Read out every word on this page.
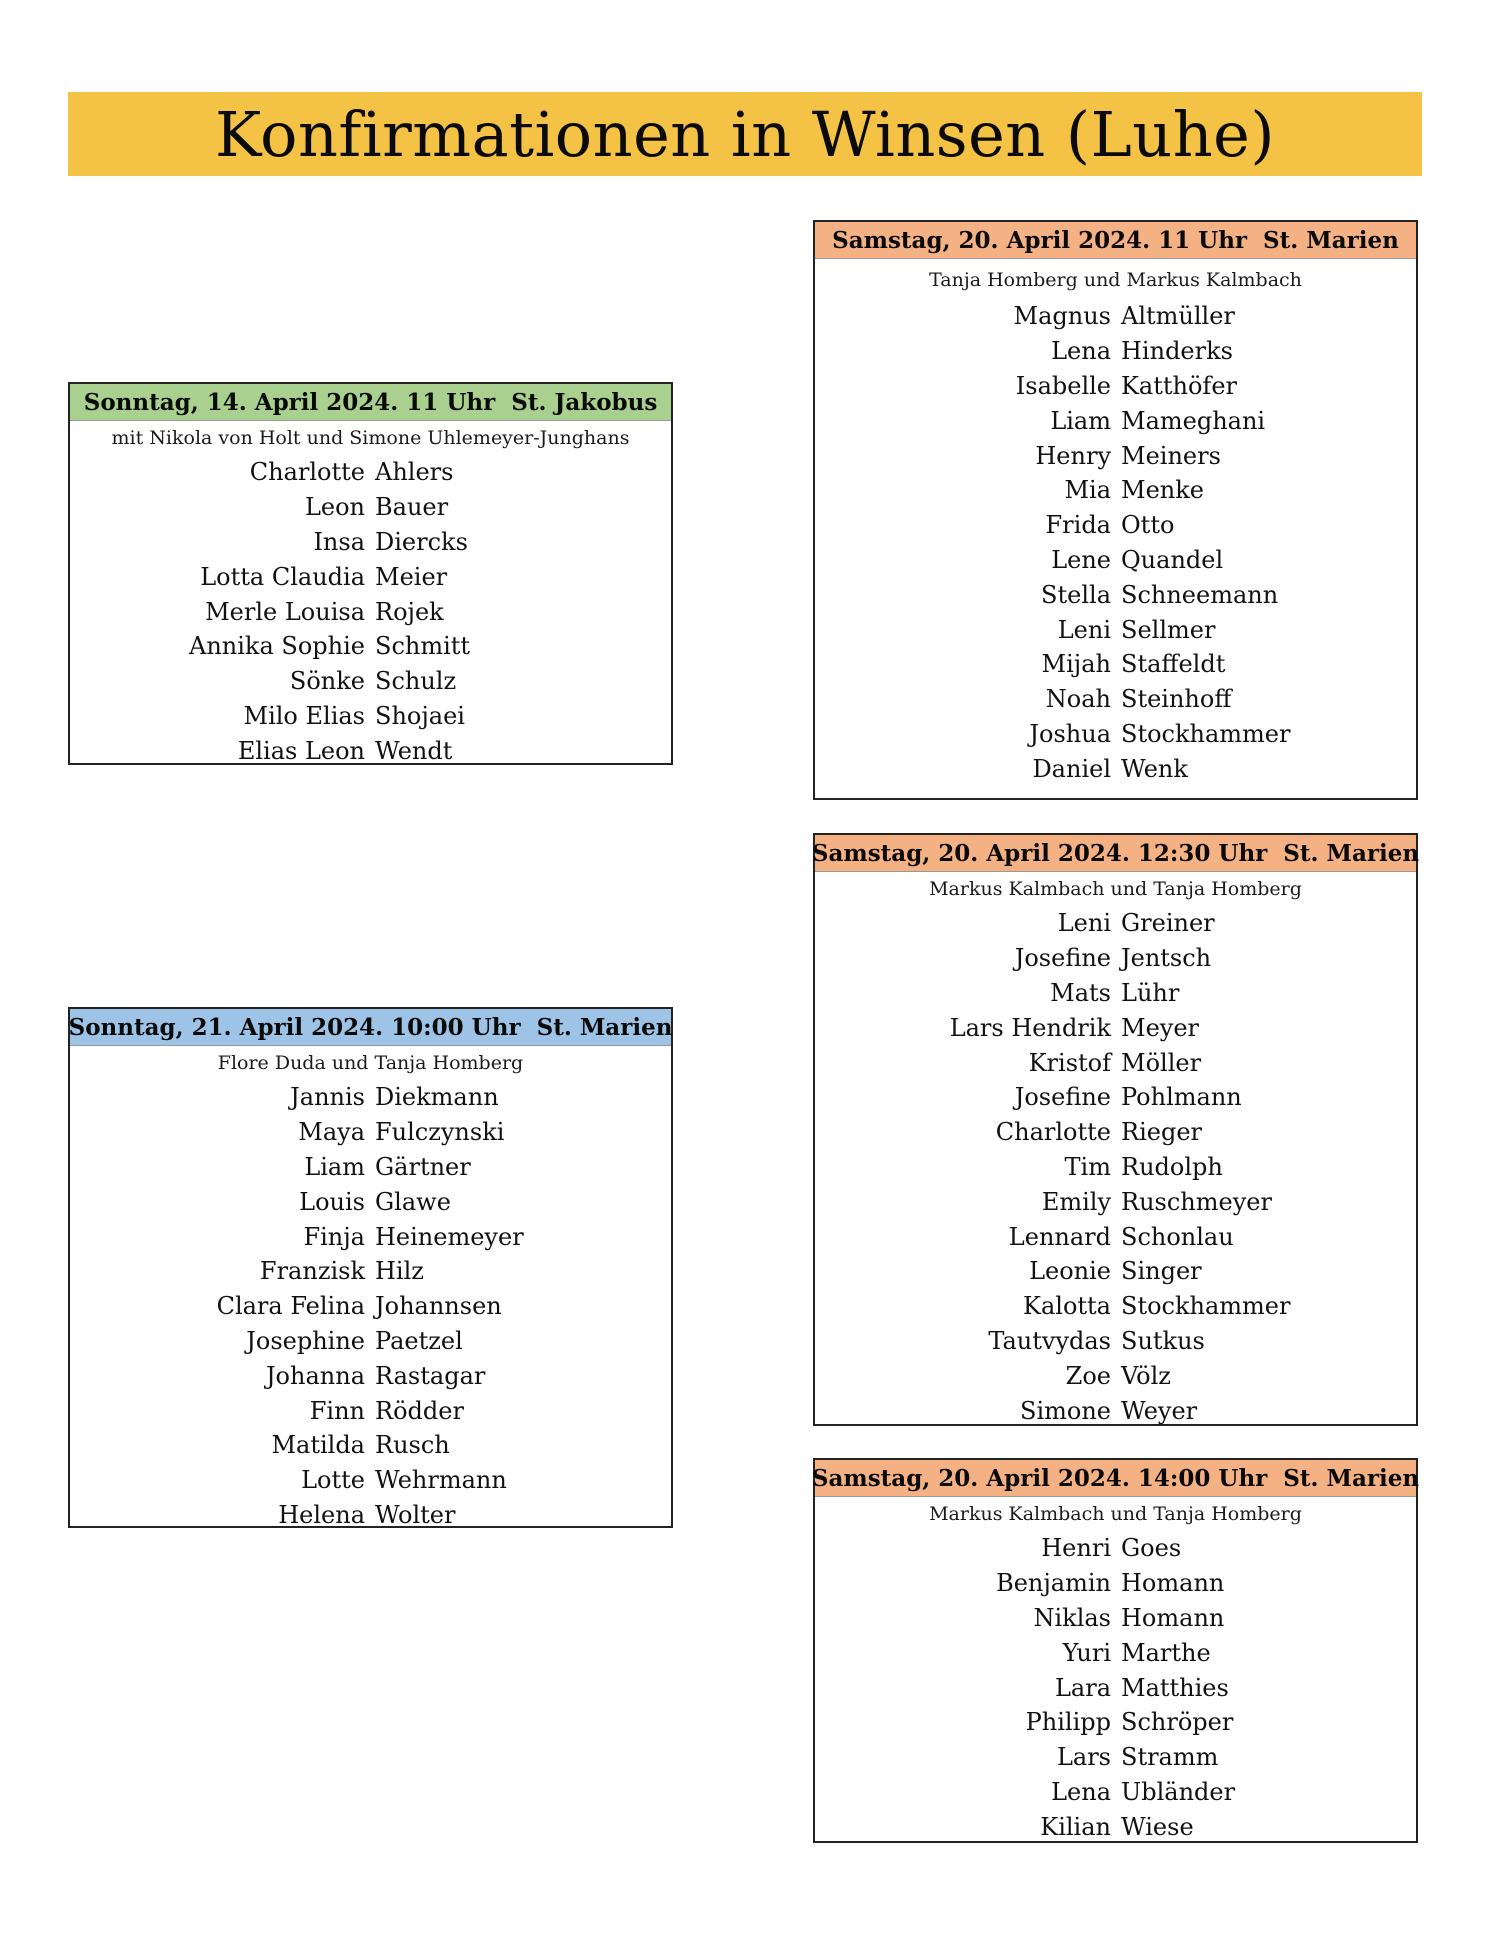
Konfirmationen in Winsen (Luhe)
Sonntag, 14. April 2024. 11 Uhr  St. Jakobus
mit Nikola von Holt und Simone Uhlemeyer-Junghans
Charlotte Ahlers
Leon Bauer
Insa Diercks
Lotta Claudia Meier
Merle Louisa Rojek
Annika Sophie Schmitt
Sönke Schulz
Milo Elias Shojaei
Elias Leon Wendt
Sonntag, 21. April 2024. 10:00 Uhr  St. Marien
Flore Duda und Tanja Homberg
Jannis Diekmann
Maya Fulczynski
Liam Gärtner
Louis Glawe
Finja Heinemeyer
Franzisk Hilz
Clara Felina Johannsen
Josephine Paetzel
Johanna Rastagar
Finn Rödder
Matilda Rusch
Lotte Wehrmann
Helena Wolter
Samstag, 20. April 2024. 11 Uhr  St. Marien
Tanja Homberg und Markus Kalmbach
Magnus Altmüller
Lena Hinderks
Isabelle Katthöfer
Liam Mameghani
Henry Meiners
Mia Menke
Frida Otto
Lene Quandel
Stella Schneemann
Leni Sellmer
Mijah Staffeldt
Noah Steinhoff
Joshua Stockhammer
Daniel Wenk
Samstag, 20. April 2024. 12:30 Uhr  St. Marien
Markus Kalmbach und Tanja Homberg
Leni Greiner
Josefine Jentsch
Mats Lühr
Lars Hendrik Meyer
Kristof Möller
Josefine Pohlmann
Charlotte Rieger
Tim Rudolph
Emily Ruschmeyer
Lennard Schonlau
Leonie Singer
Kalotta Stockhammer
Tautvydas Sutkus
Zoe Völz
Simone Weyer
Samstag, 20. April 2024. 14:00 Uhr  St. Marien
Markus Kalmbach und Tanja Homberg
Henri Goes
Benjamin Homann
Niklas Homann
Yuri Marthe
Lara Matthies
Philipp Schröper
Lars Stramm
Lena Ubländer
Kilian Wiese
